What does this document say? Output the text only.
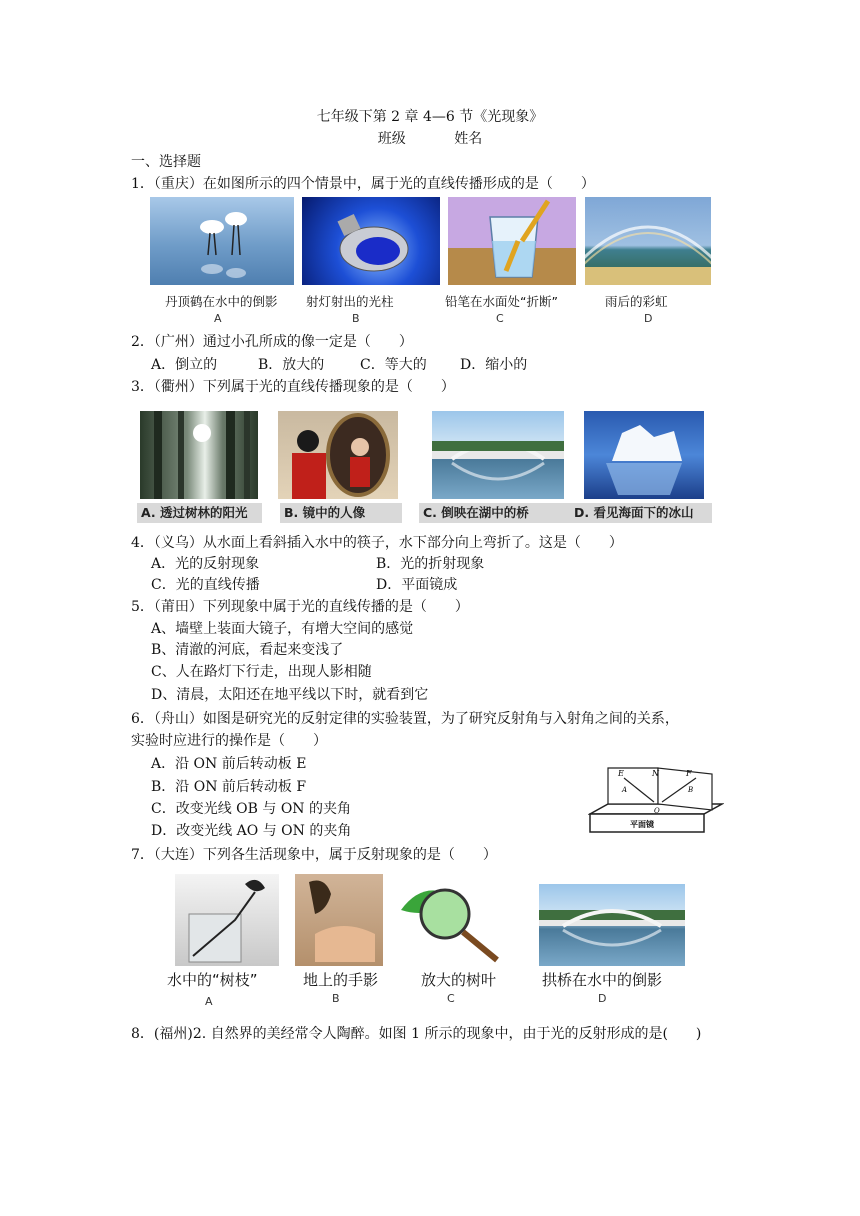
七年级下第 2 章 4—6 节《光现象》
班级	姓名
一、选择题
1．（重庆）在如图所示的四个情景中，属于光的直线传播形成的是（　　）
丹顶鹤在水中的倒影 射灯射出的光柱	铅笔在水面处“折断”	雨后的彩虹
A	B	C	D
2．（广州）通过小孔所成的像一定是（　　）
A．倒立的	B．放大的	C．等大的 D．缩小的
3．（衢州）下列属于光的直线传播现象的是（　　）
A. 透过树林的阳光	B. 镜中的人像	C. 倒映在湖中的桥	D. 看见海面下的冰山
4．（义乌）从水面上看斜插入水中的筷子，水下部分向上弯折了。这是（　　）
A．光的反射现象	B．光的折射现象
C．光的直线传播	D．平面镜成
5．（莆田）下列现象中属于光的直线传播的是（　　）
A、墙壁上装面大镜子，有增大空间的感觉
B、清澈的河底，看起来变浅了
C、人在路灯下行走，出现人影相随
D、清晨，太阳还在地平线以下时，就看到它
6．（舟山）如图是研究光的反射定律的实验装置，为了研究反射角与入射角之间的关系，
实验时应进行的操作是（　　）
A．沿 ON 前后转动板 E
B．沿 ON 前后转动板 F
C．改变光线 OB 与 ON 的夹角
D．改变光线 AO 与 ON 的夹角
E	N	F
A	B
O
平面镜
7．（大连）下列各生活现象中，属于反射现象的是（　　）
水中的“树枝”	地上的手影	放大的树叶	拱桥在水中的倒影
A	B	C	D
8．(福州)2. 自然界的美经常令人陶醉。如图 1 所示的现象中，由于光的反射形成的是(　　)
